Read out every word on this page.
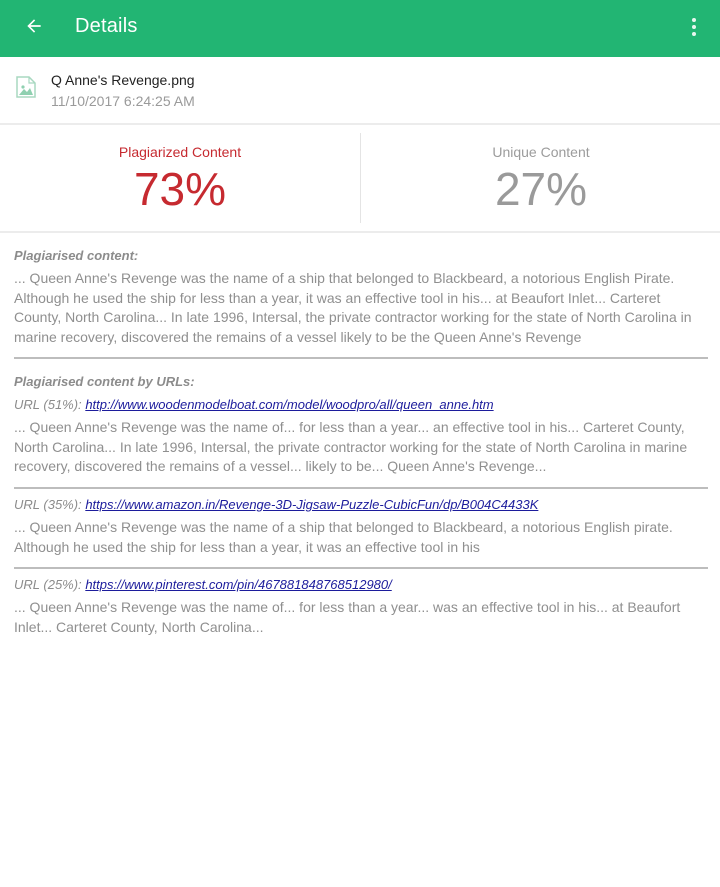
Details
Q Anne's Revenge.png
11/10/2017 6:24:25 AM
Plagiarized Content
73%
Unique Content
27%
Plagiarised content:
... Queen Anne's Revenge was the name of a ship that belonged to Blackbeard, a notorious English Pirate. Although he used the ship for less than a year, it was an effective tool in his... at Beaufort Inlet... Carteret County, North Carolina... In late 1996, Intersal, the private contractor working for the state of North Carolina in marine recovery, discovered the remains of a vessel likely to be the Queen Anne's Revenge
Plagiarised content by URLs:
URL (51%): http://www.woodenmodelboat.com/model/woodpro/all/queen_anne.htm
... Queen Anne's Revenge was the name of... for less than a year... an effective tool in his... Carteret County, North Carolina... In late 1996, Intersal, the private contractor working for the state of North Carolina in marine recovery, discovered the remains of a vessel... likely to be... Queen Anne's Revenge...
URL (35%): https://www.amazon.in/Revenge-3D-Jigsaw-Puzzle-CubicFun/dp/B004C4433K
... Queen Anne's Revenge was the name of a ship that belonged to Blackbeard, a notorious English pirate. Although he used the ship for less than a year, it was an effective tool in his
URL (25%): https://www.pinterest.com/pin/467881848768512980/
... Queen Anne's Revenge was the name of... for less than a year... was an effective tool in his... at Beaufort Inlet... Carteret County, North Carolina...
